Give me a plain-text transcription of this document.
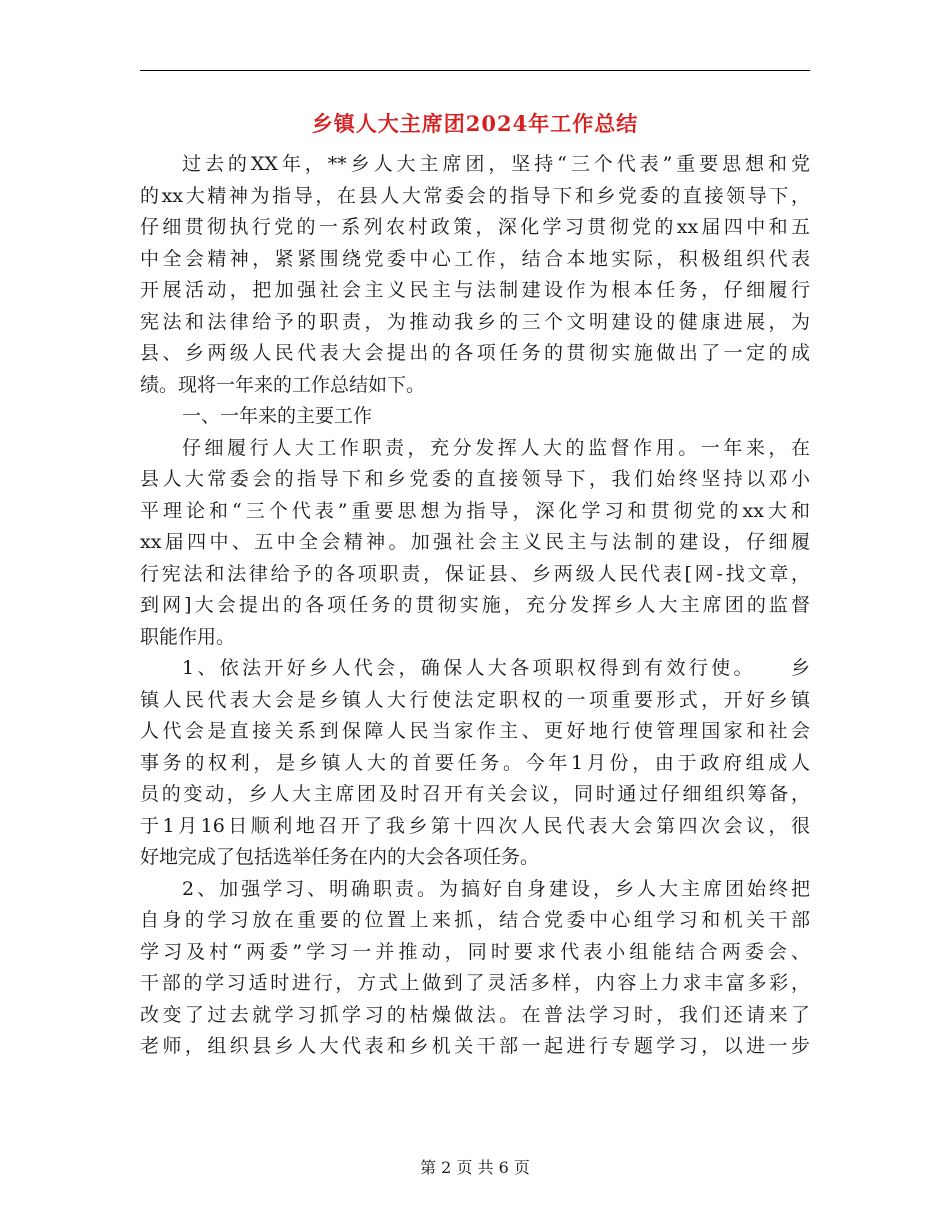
乡镇人大主席团2024年工作总结
过去的XX年，**乡人大主席团，坚持“三个代表”重要思想和党
的xx大精神为指导，在县人大常委会的指导下和乡党委的直接领导下，
仔细贯彻执行党的一系列农村政策，深化学习贯彻党的xx届四中和五
中全会精神，紧紧围绕党委中心工作，结合本地实际，积极组织代表
开展活动，把加强社会主义民主与法制建设作为根本任务，仔细履行
宪法和法律给予的职责，为推动我乡的三个文明建设的健康进展，为
县、乡两级人民代表大会提出的各项任务的贯彻实施做出了一定的成
绩。现将一年来的工作总结如下。
一、一年来的主要工作
仔细履行人大工作职责，充分发挥人大的监督作用。一年来，在
县人大常委会的指导下和乡党委的直接领导下，我们始终坚持以邓小
平理论和“三个代表”重要思想为指导，深化学习和贯彻党的xx大和
xx届四中、五中全会精神。加强社会主义民主与法制的建设，仔细履
行宪法和法律给予的各项职责，保证县、乡两级人民代表[网-找文章，
到网]大会提出的各项任务的贯彻实施，充分发挥乡人大主席团的监督
职能作用。
1、依法开好乡人代会，确保人大各项职权得到有效行使。　　乡
镇人民代表大会是乡镇人大行使法定职权的一项重要形式，开好乡镇
人代会是直接关系到保障人民当家作主、更好地行使管理国家和社会
事务的权利，是乡镇人大的首要任务。今年1月份，由于政府组成人
员的变动，乡人大主席团及时召开有关会议，同时通过仔细组织筹备，
于1月16日顺利地召开了我乡第十四次人民代表大会第四次会议，很
好地完成了包括选举任务在内的大会各项任务。
2、加强学习、明确职责。为搞好自身建设，乡人大主席团始终把
自身的学习放在重要的位置上来抓，结合党委中心组学习和机关干部
学习及村“两委”学习一并推动，同时要求代表小组能结合两委会、
干部的学习适时进行，方式上做到了灵活多样，内容上力求丰富多彩，
改变了过去就学习抓学习的枯燥做法。在普法学习时，我们还请来了
老师，组织县乡人大代表和乡机关干部一起进行专题学习，以进一步
第 2 页 共 6 页
